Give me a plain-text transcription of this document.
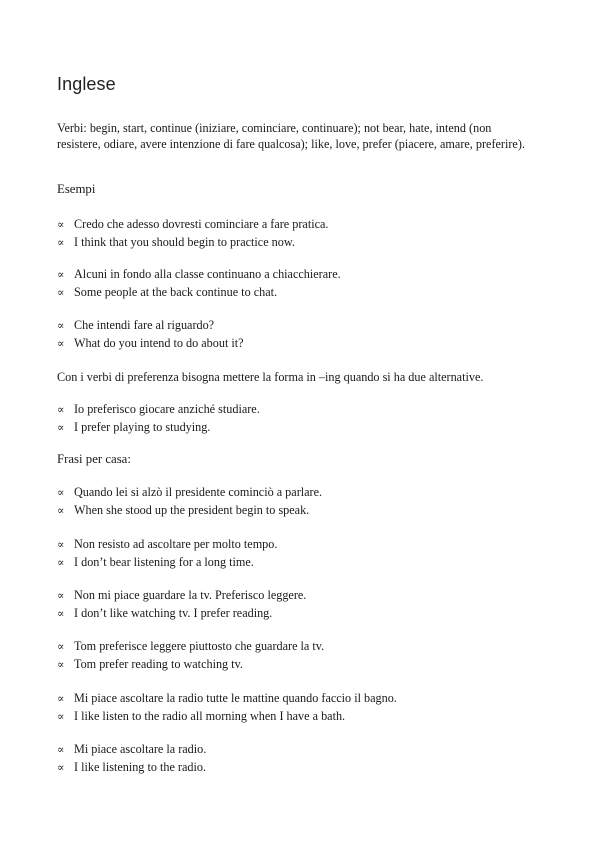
Inglese
Verbi: begin, start, continue (iniziare, cominciare, continuare); not bear, hate, intend (non resistere, odiare, avere intenzione di fare qualcosa); like, love, prefer (piacere, amare, preferire).
Esempi
∝ Credo che adesso dovresti cominciare a fare pratica.
∝ I think that you should begin to practice now.
∝ Alcuni in fondo alla classe continuano a chiacchierare.
∝ Some people at the back continue to chat.
∝ Che intendi fare al riguardo?
∝ What do you intend to do about it?
Con i verbi di preferenza bisogna mettere la forma in –ing quando si ha due alternative.
∝ Io preferisco giocare anziché studiare.
∝ I prefer playing to studying.
Frasi per casa:
∝ Quando lei si alzò il presidente cominciò a parlare.
∝ When she stood up the president begin to speak.
∝ Non resisto ad ascoltare per molto tempo.
∝ I don’t bear listening for a long time.
∝ Non mi piace guardare la tv. Preferisco leggere.
∝ I don’t like watching tv. I prefer reading.
∝ Tom preferisce leggere piuttosto che guardare la tv.
∝ Tom prefer reading to watching tv.
∝ Mi piace ascoltare la radio tutte le mattine quando faccio il bagno.
∝ I like listen to the radio all morning when I have a bath.
∝ Mi piace ascoltare la radio.
∝ I like listening to the radio.
